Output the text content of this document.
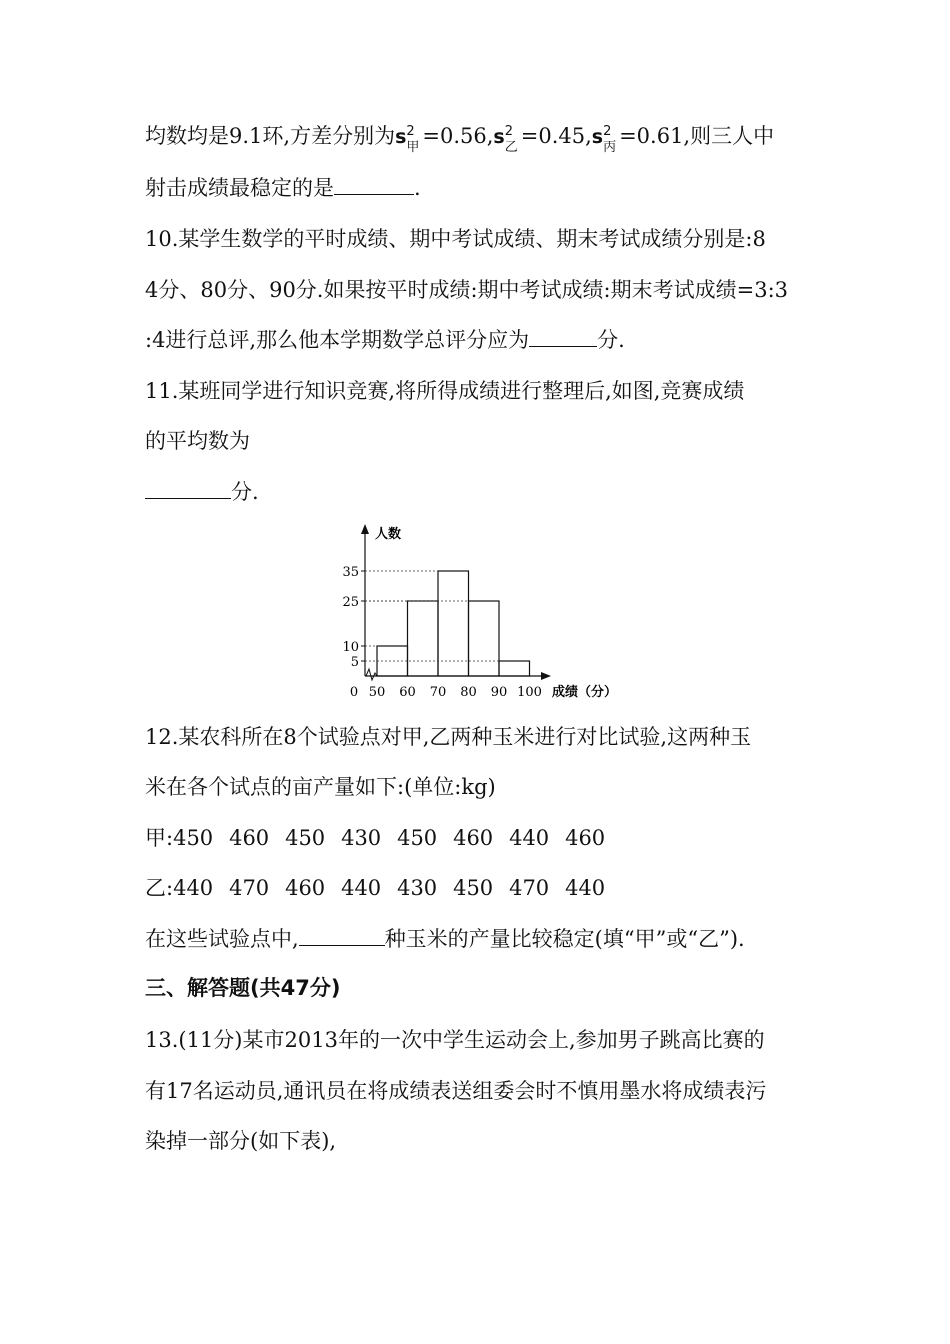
均数均是9.1环,方差分别为s 2
甲 =0.56,s 2
乙 =0.45,s 2
丙 =0.61,则三人中
射击成绩最稳定的是	.
10.某学生数学的平时成绩、期中考试成绩、期末考试成绩分别是:8
4分、80分、90分.如果按平时成绩:期中考试成绩:期末考试成绩=3:3
:4进行总评,那么他本学期数学总评分应为	分.
11.某班同学进行知识竞赛,将所得成绩进行整理后,如图,竞赛成绩
的平均数为
分.
5
10
25
35
0 50 60 70 80 90 100
人数
成绩（分）
12.某农科所在8个试验点对甲,乙两种玉米进行对比试验,这两种玉
米在各个试点的亩产量如下:(单位:kg)
甲:450 460 450 430 450 460 440 460
乙:440 470 460 440 430 450 470 440
在这些试验点中,	种玉米的产量比较稳定(填“甲”或“乙”).
三、解答题(共47分)
13.(11分)某市2013年的一次中学生运动会上,参加男子跳高比赛的
有17名运动员,通讯员在将成绩表送组委会时不慎用墨水将成绩表污
染掉一部分(如下表),
